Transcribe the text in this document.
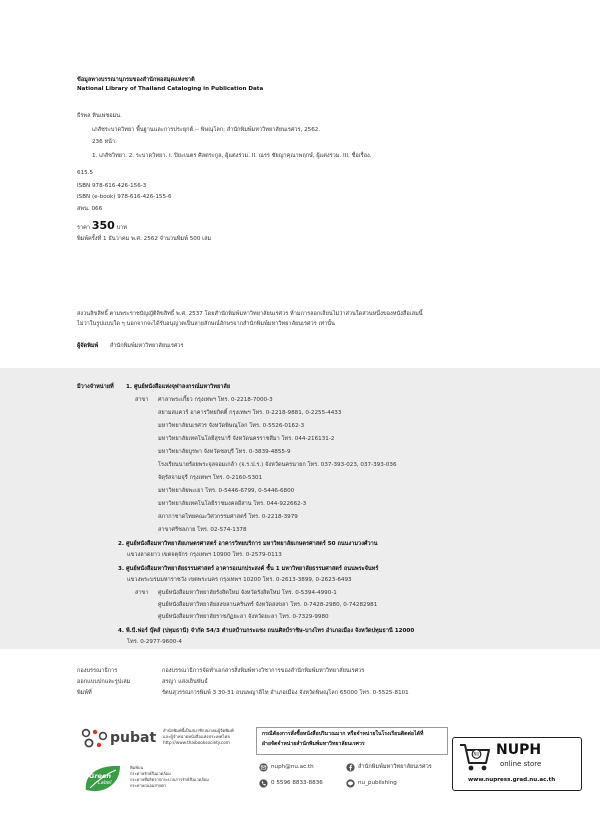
ข้อมูลทางบรรณานุกรมของสำนักหอสมุดแห่งชาติ
National Library of Thailand Cataloging in Publication Data
ธีรพล หินเพ่ชอมน.
เภสัชระบาดวิทยา พื้นฐานและการประยุกต์.-- พิษณุโลก: สำนักพิมพ์มหาวิทยาลัยนเรศวร, 2562.
236 หน้า.
1. เภสัชวิทยา. 2. ระบาดวิทยา. I. ปิยะเนตร ศิลตระกูล, ผู้แต่งร่วม. II. ณรร ชัยญาคุณาพฤกษ์, ผู้แต่งร่วม. III. ชื่อเรื่อง.
615.5
ISBN 978-616-426-156-3
ISBN (e-book) 978-616-426-155-6
สพน. 066
ราคา 350 บาท
พิมพ์ครั้งที่ 1 ธันวาคม พ.ศ. 2562 จำนวนพิมพ์ 500 เล่ม
สงวนลิขสิทธิ์ ตามพระราชบัญญัติลิขสิทธิ์ พ.ศ. 2537 โดยสำนักพิมพ์มหาวิทยาลัยนเรศวร ห้ามการลอกเลียนไม่ว่าส่วนใดส่วนหนึ่งของหนังสือเล่มนี้
ไม่ว่าในรูปแบบใด ๆ นอกจากจะได้รับอนุญาตเป็นลายลักษณ์อักษรจากสำนักพิมพ์มหาวิทยาลัยนเรศวร เท่านั้น
ผู้จัดพิมพ์ สำนักพิมพ์มหาวิทยาลัยนเรศวร
มีวางจำหน่ายที่ 1. ศูนย์หนังสือแห่งจุฬาลงกรณ์มหาวิทยาลัย
สาขา ศาลาพระเกี้ยว กรุงเทพฯ โทร. 0-2218-7000-3
สยามสแควร์ อาคารวิทยกิตติ์ กรุงเทพฯ โทร. 0-2218-9881, 0-2255-4433
มหาวิทยาลัยนเรศวร จังหวัดพิษณุโลก โทร. 0-5526-0162-3
มหาวิทยาลัยเทคโนโลยีสุรนารี จังหวัดนครราชสีมา โทร. 044-216131-2
มหาวิทยาลัยบูรพา จังหวัดชลบุรี โทร. 0-3839-4855-9
โรงเรียนนายร้อยพระจุลจอมเกล้า (จ.ร.ป.ร.) จังหวัดนครนายก โทร. 037-393-023, 037-393-036
จัตุรัสจามจุรี กรุงเทพฯ โทร. 0-2160-5301
มหาวิทยาลัยพะเยา โทร. 0-5446-6799, 0-5446-6800
มหาวิทยาลัยเทคโนโลยีราชมงคลอีสาน โทร. 044-922662-3
สภากาชาดไทยคณะวิศวกรรมศาสตร์ โทร. 0-2218-3979
สาขาศรีชลภาย โทร. 02-574-1378
2. ศูนย์หนังสือมหาวิทยาลัยเกษตรศาสตร์ อาคารวิทยบริการ มหาวิทยาลัยเกษตรศาสตร์ 50 ถนนงามวงศ์วาน
แขวงลาดยาว เขตจตุจักร กรุงเทพฯ 10900 โทร. 0-2579-0113
3. ศูนย์หนังสือมหาวิทยาลัยธรรมศาสตร์ อาคารอเนกประสงค์ ชั้น 1 มหาวิทยาลัยธรรมศาสตร์ ถนนพระจันทร์
แขวงพระบรมมหาราชวัง เขตพระนคร กรุงเทพฯ 10200 โทร. 0-2613-3899, 0-2623-6493
สาขา ศูนย์หนังสือมหาวิทยาลัยรังสิตใหม่ จังหวัดรังสิตใหม่ โทร. 0-5394-4990-1
ศูนย์หนังสือมหาวิทยาลัยสงขลานครินทร์ จังหวัดสงขลา โทร. 0-7428-2980, 0-74282981
ศูนย์หนังสือมหาวิทยาลัยราชภัฏยะลา จังหวัดยะลา โทร. 0-7329-9980
4. พี.บี.ฟอร์ บุ๊คส์ (ปทุมธานี) จำกัด 54/3 ตำบลบ้านกระแชง ถนนศิลป์ราชิษ-บางไทร อำเภอเมือง จังหวัดปทุมธานี 12000
โทร. 0-2977-9600-4
กองบรรณาธิการ	กองบรรณาธิการจัดทำเอกสารสิ่งพิมพ์ทางวิชาการของสำนักพิมพ์มหาวิทยาลัยนเรศวร
ออกแบบปกและรูปเล่ม	สรญา แสงเย็นพันธ์
พิมพ์ที่	รัตนสุวรรณการพิมพ์ 3 30-31 ถนนพญาลิไท อำเภอเมือง จังหวัดพิษณุโลก 65000 โทร. 0-5525-8101
pubat สำนักพิมพ์นี้เป็นสมาชิกสมาคมผู้จัดพิมพ์
และผู้จำหน่ายหนังสือแห่งประเทศไทย
http://www.thaibooksociety.com
Green
Label
พิมพ์บน
กระดาษรักษ์สิ่งแวดล้อม
กระดาษที่ผลิตจากกระบวนการรักษ์สิ่งแวดล้อม
กระดาษถนอมสายตา
กรณีต้องการสั่งซื้อหนังสือปริมาณมาก หรือจำหน่ายในโรงเรียนติดต่อได้ที่
ฝ่ายจัดจำหน่ายสำนักพิมพ์มหาวิทยาลัยนเรศวร
nuph@nu.ac.th	สำนักพิมพ์มหาวิทยาลัยนเรศวร
0 5596 8833-8836	nu_publishing
NU NUPH
online store
www.nupress.grad.nu.ac.th
